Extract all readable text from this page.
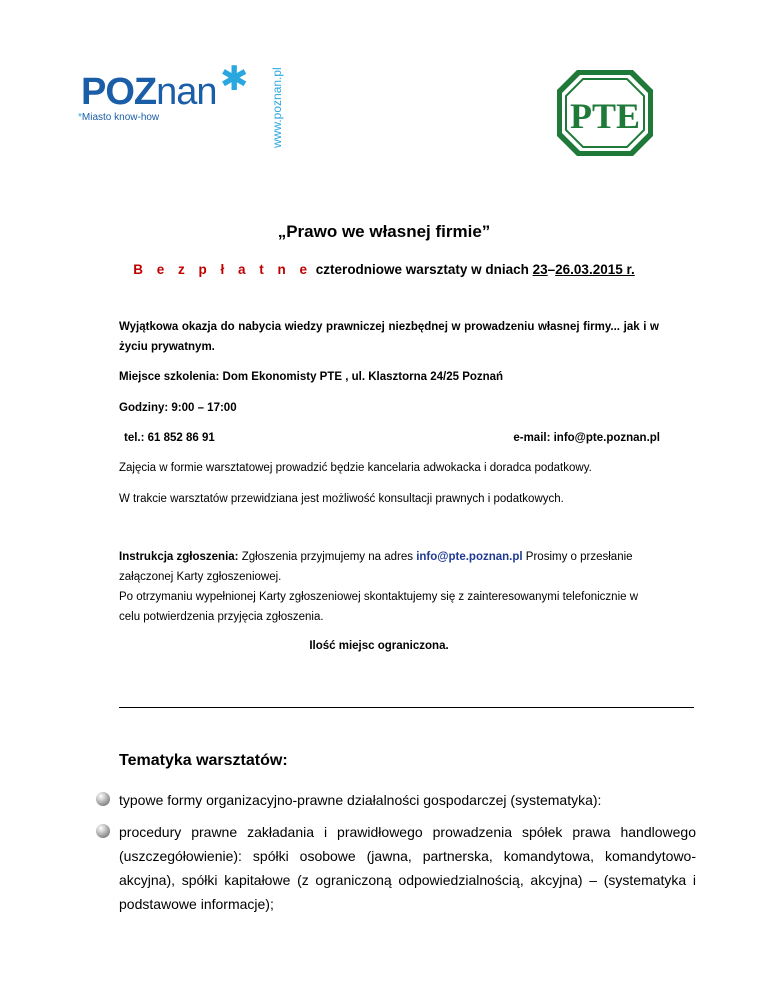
POZnan ✱
*Miasto know-how	www.poznan.pl	PTE
„Prawo we własnej firmie”
B e z p ł a t n e czterodniowe warsztaty w dniach 23–26.03.2015 r.
Wyjątkowa okazja do nabycia wiedzy prawniczej niezbędnej w prowadzeniu własnej firmy... jak i w życiu prywatnym.
Miejsce szkolenia: Dom Ekonomisty PTE , ul. Klasztorna 24/25 Poznań
Godziny: 9:00 – 17:00
tel.: 61 852 86 91	e-mail: info@pte.poznan.pl
Zajęcia w formie warsztatowej prowadzić będzie kancelaria adwokacka i doradca podatkowy.
W trakcie warsztatów przewidziana jest możliwość konsultacji prawnych i podatkowych.
Instrukcja zgłoszenia: Zgłoszenia przyjmujemy na adres info@pte.poznan.pl Prosimy o przesłanie załączonej Karty zgłoszeniowej.
Po otrzymaniu wypełnionej Karty zgłoszeniowej skontaktujemy się z zainteresowanymi telefonicznie w celu potwierdzenia przyjęcia zgłoszenia.
Ilość miejsc ograniczona.
Tematyka warsztatów:
typowe formy organizacyjno-prawne działalności gospodarczej (systematyka):
procedury prawne zakładania i prawidłowego prowadzenia spółek prawa handlowego (uszczegółowienie): spółki osobowe (jawna, partnerska, komandytowa, komandytowo-akcyjna), spółki kapitałowe (z ograniczoną odpowiedzialnością, akcyjna) – (systematyka i podstawowe informacje);
